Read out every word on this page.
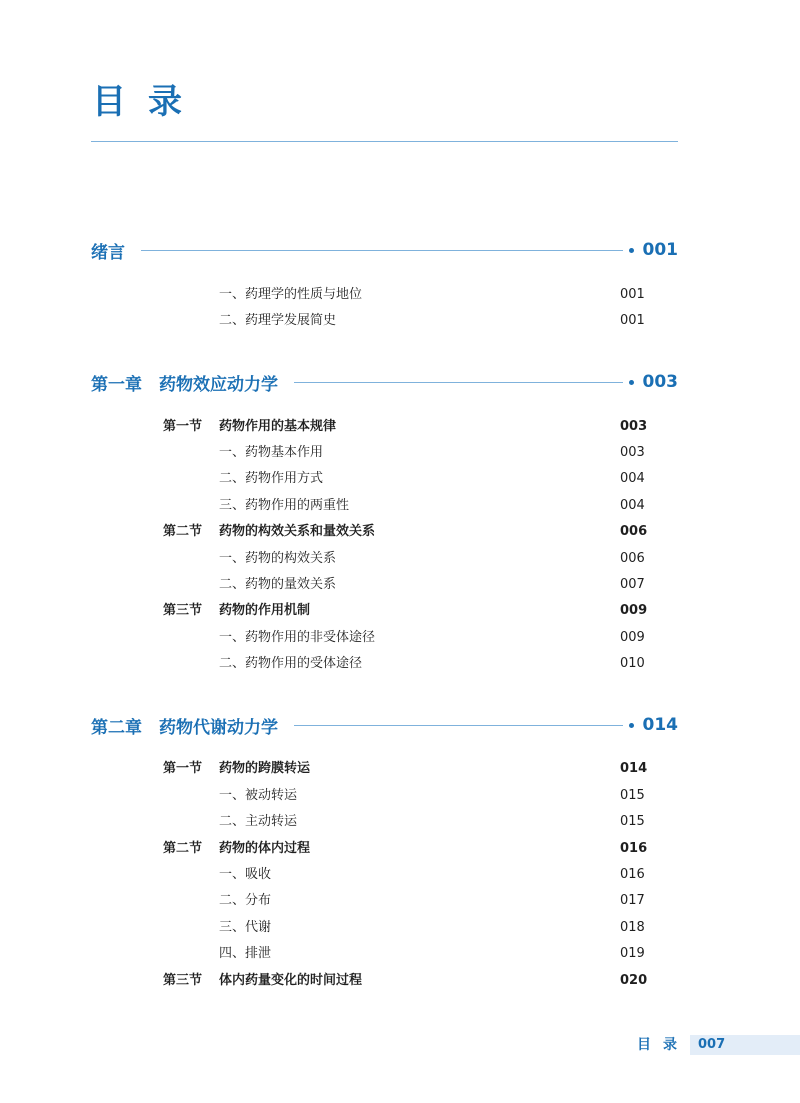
目录
绪言	001
一、药理学的性质与地位	001
二、药理学发展简史	001
第一章　药物效应动力学	003
第一节 药物作用的基本规律	003
一、药物基本作用	003
二、药物作用方式	004
三、药物作用的两重性	004
第二节 药物的构效关系和量效关系	006
一、药物的构效关系	006
二、药物的量效关系	007
第三节 药物的作用机制	009
一、药物作用的非受体途径	009
二、药物作用的受体途径	010
第二章　药物代谢动力学	014
第一节 药物的跨膜转运	014
一、被动转运	015
二、主动转运	015
第二节 药物的体内过程	016
一、吸收	016
二、分布	017
三、代谢	018
四、排泄	019
第三节 体内药量变化的时间过程	020
目录 007
